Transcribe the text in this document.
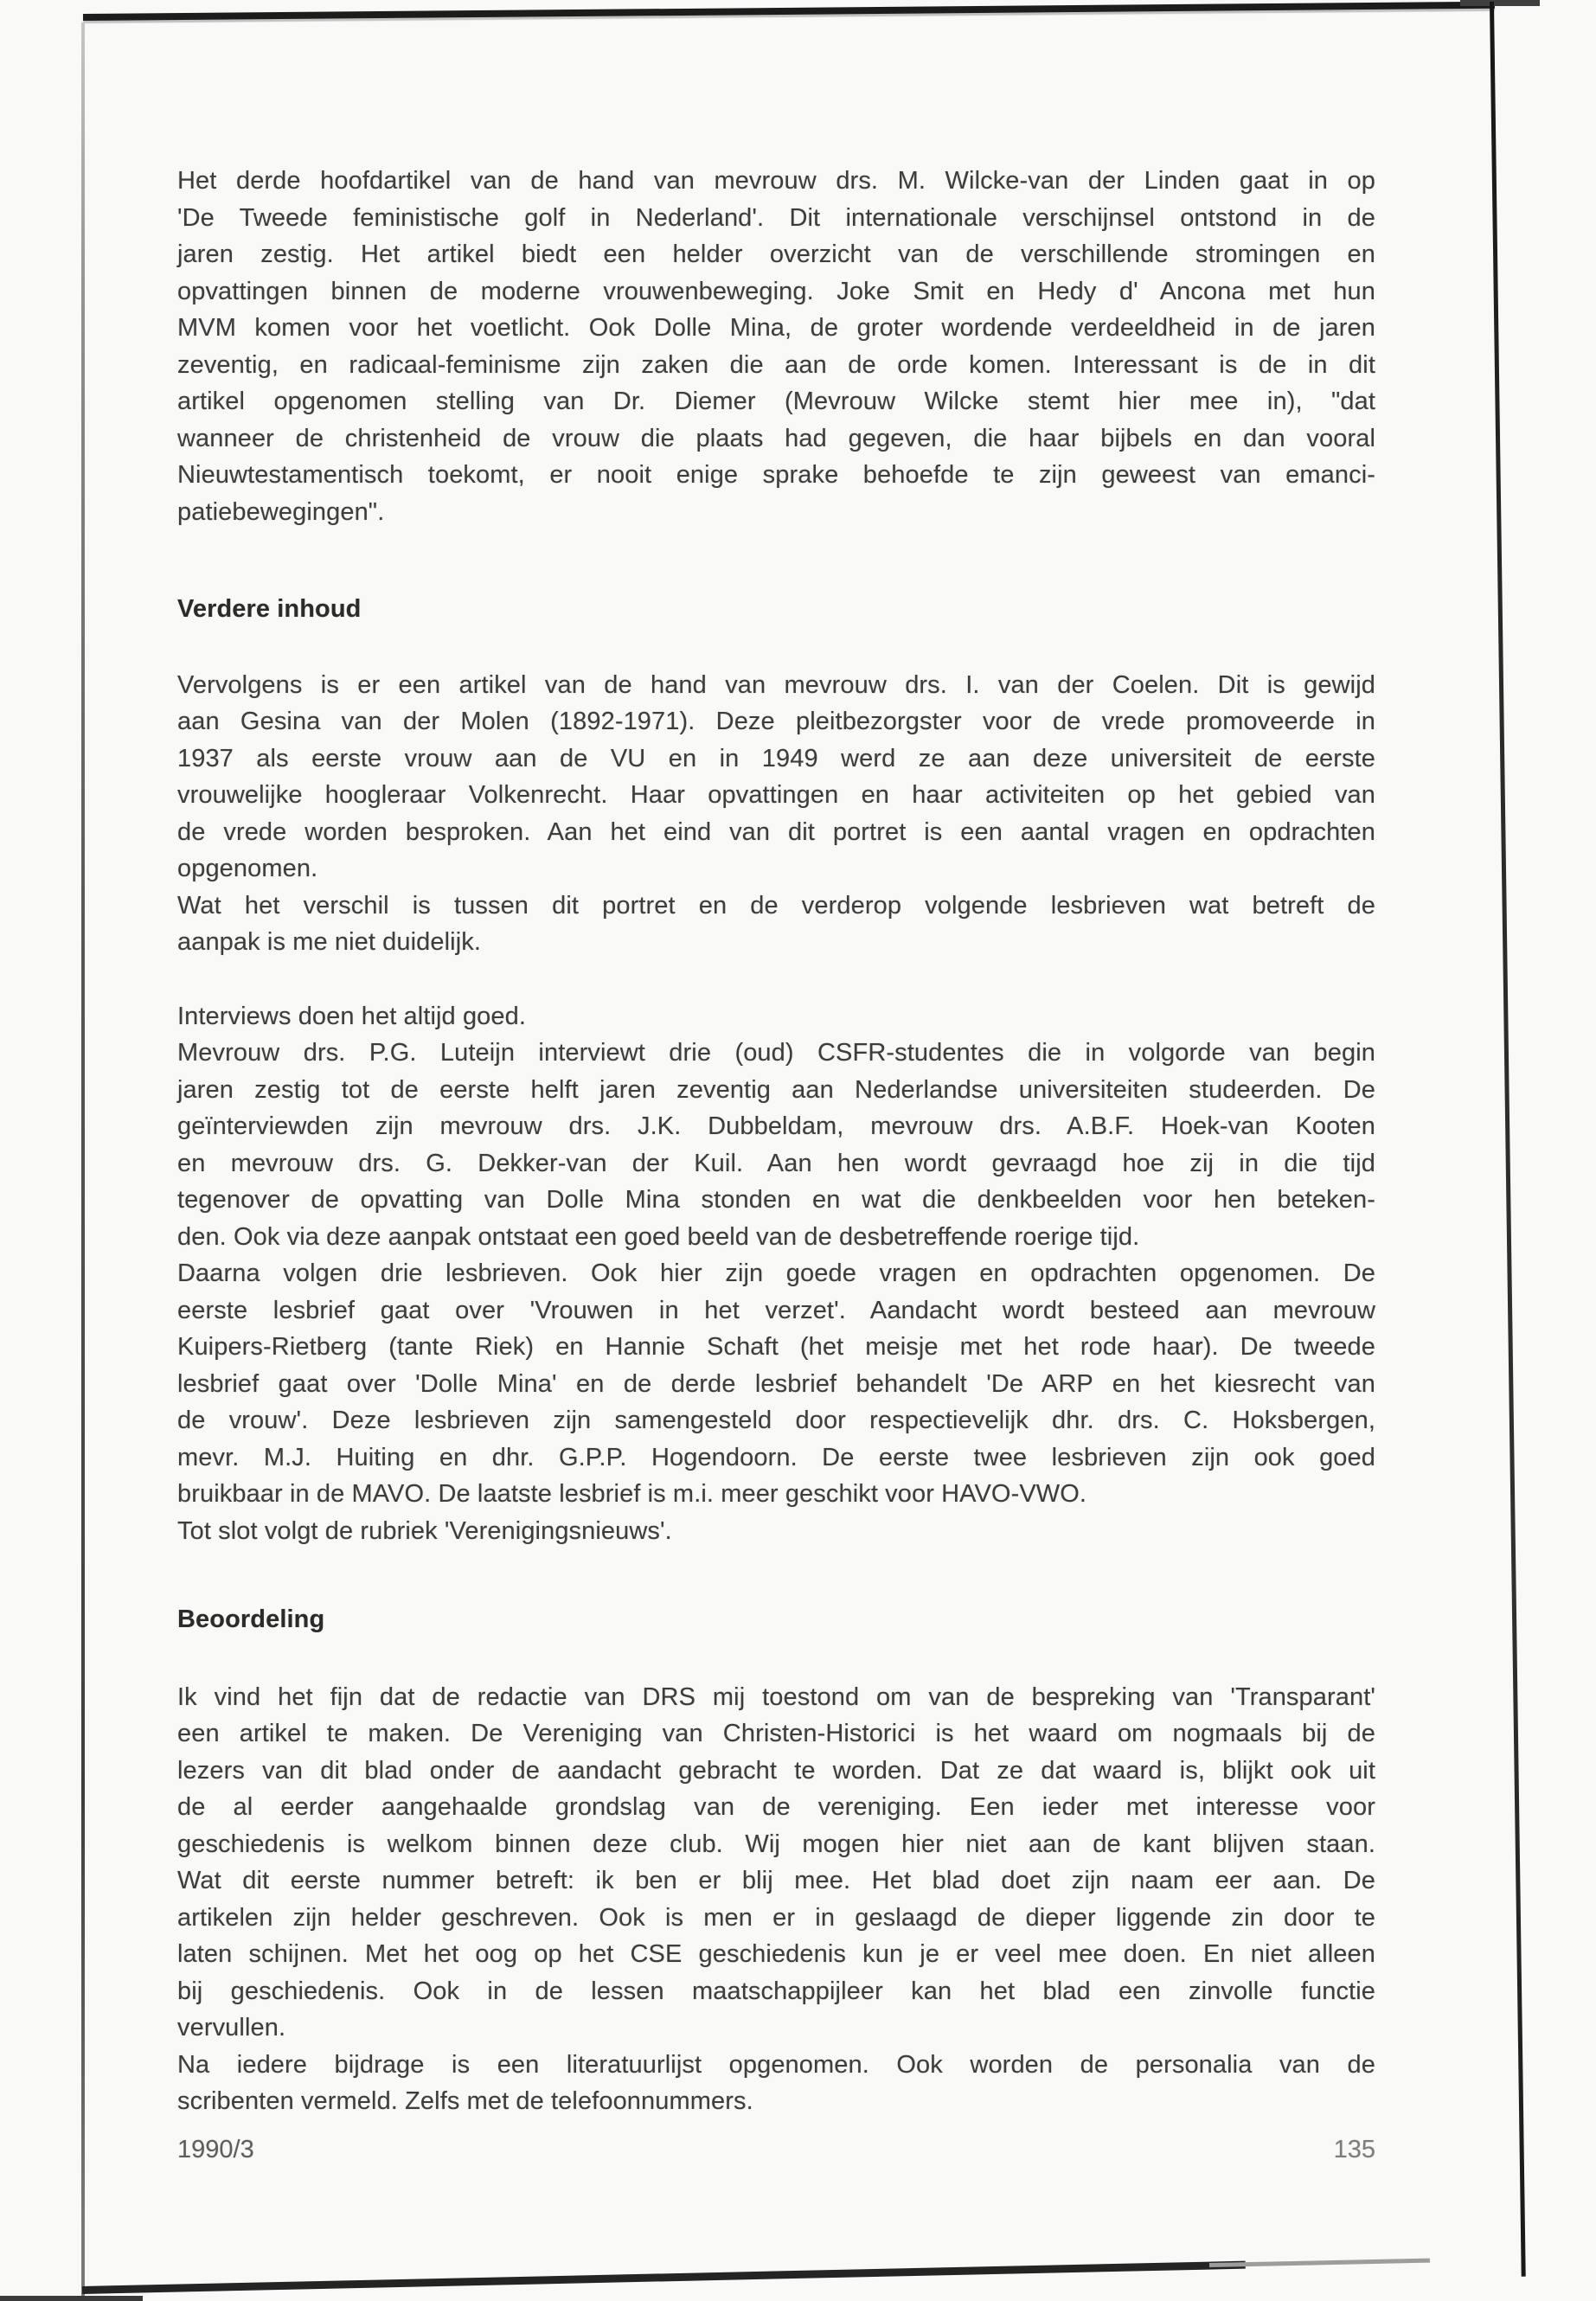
Het derde hoofdartikel van de hand van mevrouw drs. M. Wilcke-van der Linden gaat in op
'De Tweede feministische golf in Nederland'. Dit internationale verschijnsel ontstond in de
jaren zestig. Het artikel biedt een helder overzicht van de verschillende stromingen en
opvattingen binnen de moderne vrouwenbeweging. Joke Smit en Hedy d' Ancona met hun
MVM komen voor het voetlicht. Ook Dolle Mina, de groter wordende verdeeldheid in de jaren
zeventig, en radicaal-feminisme zijn zaken die aan de orde komen. Interessant is de in dit
artikel opgenomen stelling van Dr. Diemer (Mevrouw Wilcke stemt hier mee in), "dat
wanneer de christenheid de vrouw die plaats had gegeven, die haar bijbels en dan vooral
Nieuwtestamentisch toekomt, er nooit enige sprake behoefde te zijn geweest van emanci-
patiebewegingen".
Verdere inhoud
Vervolgens is er een artikel van de hand van mevrouw drs. I. van der Coelen. Dit is gewijd
aan Gesina van der Molen (1892-1971). Deze pleitbezorgster voor de vrede promoveerde in
1937 als eerste vrouw aan de VU en in 1949 werd ze aan deze universiteit de eerste
vrouwelijke hoogleraar Volkenrecht. Haar opvattingen en haar activiteiten op het gebied van
de vrede worden besproken. Aan het eind van dit portret is een aantal vragen en opdrachten
opgenomen.
Wat het verschil is tussen dit portret en de verderop volgende lesbrieven wat betreft de
aanpak is me niet duidelijk.
Interviews doen het altijd goed.
Mevrouw drs. P.G. Luteijn interviewt drie (oud) CSFR-studentes die in volgorde van begin
jaren zestig tot de eerste helft jaren zeventig aan Nederlandse universiteiten studeerden. De
geïnterviewden zijn mevrouw drs. J.K. Dubbeldam, mevrouw drs. A.B.F. Hoek-van Kooten
en mevrouw drs. G. Dekker-van der Kuil. Aan hen wordt gevraagd hoe zij in die tijd
tegenover de opvatting van Dolle Mina stonden en wat die denkbeelden voor hen beteken-
den. Ook via deze aanpak ontstaat een goed beeld van de desbetreffende roerige tijd.
Daarna volgen drie lesbrieven. Ook hier zijn goede vragen en opdrachten opgenomen. De
eerste lesbrief gaat over 'Vrouwen in het verzet'. Aandacht wordt besteed aan mevrouw
Kuipers-Rietberg (tante Riek) en Hannie Schaft (het meisje met het rode haar). De tweede
lesbrief gaat over 'Dolle Mina' en de derde lesbrief behandelt 'De ARP en het kiesrecht van
de vrouw'. Deze lesbrieven zijn samengesteld door respectievelijk dhr. drs. C. Hoksbergen,
mevr. M.J. Huiting en dhr. G.P.P. Hogendoorn. De eerste twee lesbrieven zijn ook goed
bruikbaar in de MAVO. De laatste lesbrief is m.i. meer geschikt voor HAVO-VWO.
Tot slot volgt de rubriek 'Verenigingsnieuws'.
Beoordeling
Ik vind het fijn dat de redactie van DRS mij toestond om van de bespreking van 'Transparant'
een artikel te maken. De Vereniging van Christen-Historici is het waard om nogmaals bij de
lezers van dit blad onder de aandacht gebracht te worden. Dat ze dat waard is, blijkt ook uit
de al eerder aangehaalde grondslag van de vereniging. Een ieder met interesse voor
geschiedenis is welkom binnen deze club. Wij mogen hier niet aan de kant blijven staan.
Wat dit eerste nummer betreft: ik ben er blij mee. Het blad doet zijn naam eer aan. De
artikelen zijn helder geschreven. Ook is men er in geslaagd de dieper liggende zin door te
laten schijnen. Met het oog op het CSE geschiedenis kun je er veel mee doen. En niet alleen
bij geschiedenis. Ook in de lessen maatschappijleer kan het blad een zinvolle functie
vervullen.
Na iedere bijdrage is een literatuurlijst opgenomen. Ook worden de personalia van de
scribenten vermeld. Zelfs met de telefoonnummers.
1990/3	135
